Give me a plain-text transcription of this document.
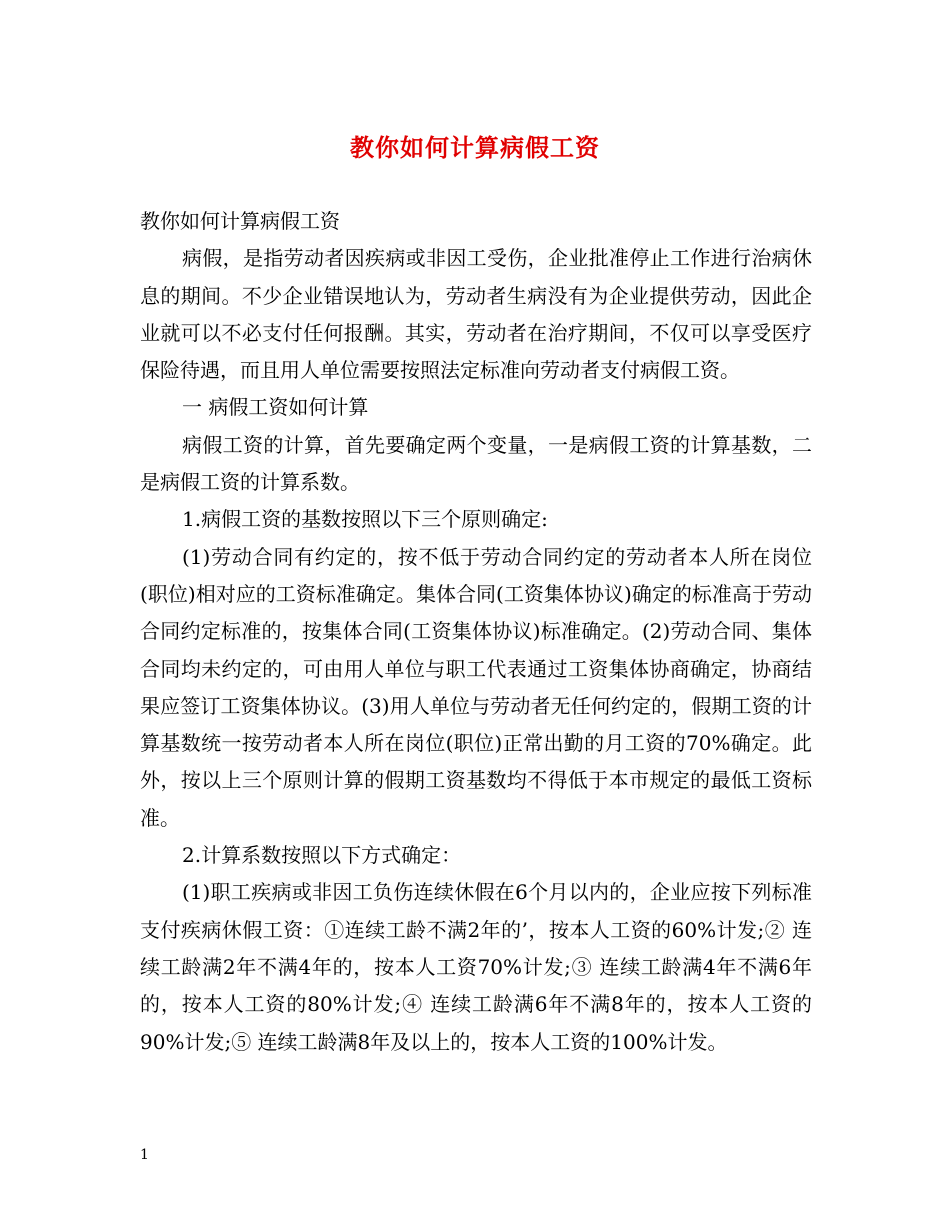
教你如何计算病假工资

教你如何计算病假工资

病假，是指劳动者因疾病或非因工受伤，企业批准停止工作进行治病休息的期间。不少企业错误地认为，劳动者生病没有为企业提供劳动，因此企业就可以不必支付任何报酬。其实，劳动者在治疗期间，不仅可以享受医疗保险待遇，而且用人单位需要按照法定标准向劳动者支付病假工资。

一 病假工资如何计算

病假工资的计算，首先要确定两个变量，一是病假工资的计算基数，二是病假工资的计算系数。

1.病假工资的基数按照以下三个原则确定:

(1)劳动合同有约定的，按不低于劳动合同约定的劳动者本人所在岗位(职位)相对应的工资标准确定。集体合同(工资集体协议)确定的标准高于劳动合同约定标准的，按集体合同(工资集体协议)标准确定。(2)劳动合同、集体合同均未约定的，可由用人单位与职工代表通过工资集体协商确定，协商结果应签订工资集体协议。(3)用人单位与劳动者无任何约定的，假期工资的计算基数统一按劳动者本人所在岗位(职位)正常出勤的月工资的70%确定。此外，按以上三个原则计算的假期工资基数均不得低于本市规定的最低工资标准。

2.计算系数按照以下方式确定：

(1)职工疾病或非因工负伤连续休假在6个月以内的，企业应按下列标准支付疾病休假工资：①连续工龄不满2年的’，按本人工资的60%计发;② 连续工龄满2年不满4年的，按本人工资70%计发;③ 连续工龄满4年不满6年的，按本人工资的80%计发;④ 连续工龄满6年不满8年的，按本人工资的90%计发;⑤ 连续工龄满8年及以上的，按本人工资的100%计发。

1
